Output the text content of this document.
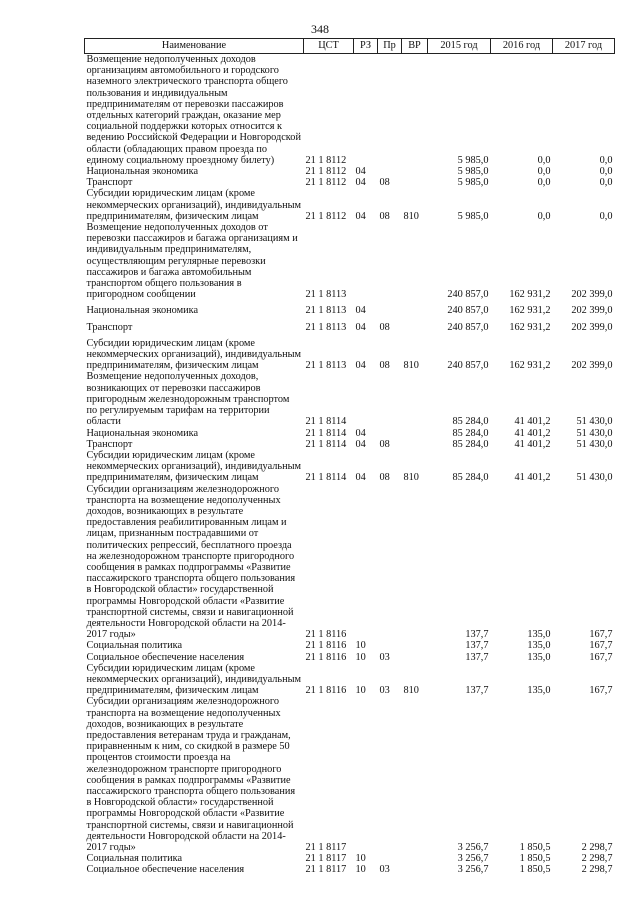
348
Наименование	ЦСТ	РЗ	Пр	ВР	2015 год	2016 год	2017 год
Возмещение недополученных доходов организациям автомобильного и городского наземного электрического транспорта общего пользования и индивидуальным предпринимателям от перевозки пассажиров отдельных категорий граждан, оказание мер социальной поддержки которых относится к ведению Российской Федерации и Новгородской области (обладающих правом проезда по единому социальному проездному билету)	21 1 8112				5 985,0	0,0	0,0
Национальная экономика	21 1 8112	04			5 985,0	0,0	0,0
Транспорт	21 1 8112	04	08		5 985,0	0,0	0,0
Субсидии юридическим лицам (кроме некоммерческих организаций), индивидуальным предпринимателям, физическим лицам	21 1 8112	04	08	810	5 985,0	0,0	0,0
Возмещение недополученных доходов от перевозки пассажиров и багажа организациям и индивидуальным предпринимателям, осуществляющим регулярные перевозки пассажиров и багажа автомобильным транспортом общего пользования в пригородном сообщении	21 1 8113				240 857,0	162 931,2	202 399,0
Национальная экономика	21 1 8113	04			240 857,0	162 931,2	202 399,0
Транспорт	21 1 8113	04	08		240 857,0	162 931,2	202 399,0
Субсидии юридическим лицам (кроме некоммерческих организаций), индивидуальным предпринимателям, физическим лицам	21 1 8113	04	08	810	240 857,0	162 931,2	202 399,0
Возмещение недополученных доходов, возникающих от перевозки пассажиров пригородным железнодорожным транспортом по регулируемым тарифам на территории области	21 1 8114				85 284,0	41 401,2	51 430,0
Национальная экономика	21 1 8114	04			85 284,0	41 401,2	51 430,0
Транспорт	21 1 8114	04	08		85 284,0	41 401,2	51 430,0
Субсидии юридическим лицам (кроме некоммерческих организаций), индивидуальным предпринимателям, физическим лицам	21 1 8114	04	08	810	85 284,0	41 401,2	51 430,0
Субсидии организациям железнодорожного транспорта на возмещение недополученных доходов, возникающих в результате предоставления реабилитированным лицам и лицам, признанным пострадавшими от политических репрессий, бесплатного проезда на железнодорожном транспорте пригородного сообщения в рамках подпрограммы «Развитие пассажирского транспорта общего пользования в Новгородской области» государственной программы Новгородской области «Развитие транспортной системы, связи и навигационной деятельности Новгородской области на 2014-2017 годы»	21 1 8116				137,7	135,0	167,7
Социальная политика	21 1 8116	10			137,7	135,0	167,7
Социальное обеспечение населения	21 1 8116	10	03		137,7	135,0	167,7
Субсидии юридическим лицам (кроме некоммерческих организаций), индивидуальным предпринимателям, физическим лицам	21 1 8116	10	03	810	137,7	135,0	167,7
Субсидии организациям железнодорожного транспорта на возмещение недополученных доходов, возникающих в результате предоставления ветеранам труда и гражданам, приравненным к ним, со скидкой в размере 50 процентов стоимости проезда на железнодорожном транспорте пригородного сообщения в рамках подпрограммы «Развитие пассажирского транспорта общего пользования в Новгородской области» государственной программы Новгородской области «Развитие транспортной системы, связи и навигационной деятельности Новгородской области на 2014-2017 годы»	21 1 8117				3 256,7	1 850,5	2 298,7
Социальная политика	21 1 8117	10			3 256,7	1 850,5	2 298,7
Социальное обеспечение населения	21 1 8117	10	03		3 256,7	1 850,5	2 298,7
